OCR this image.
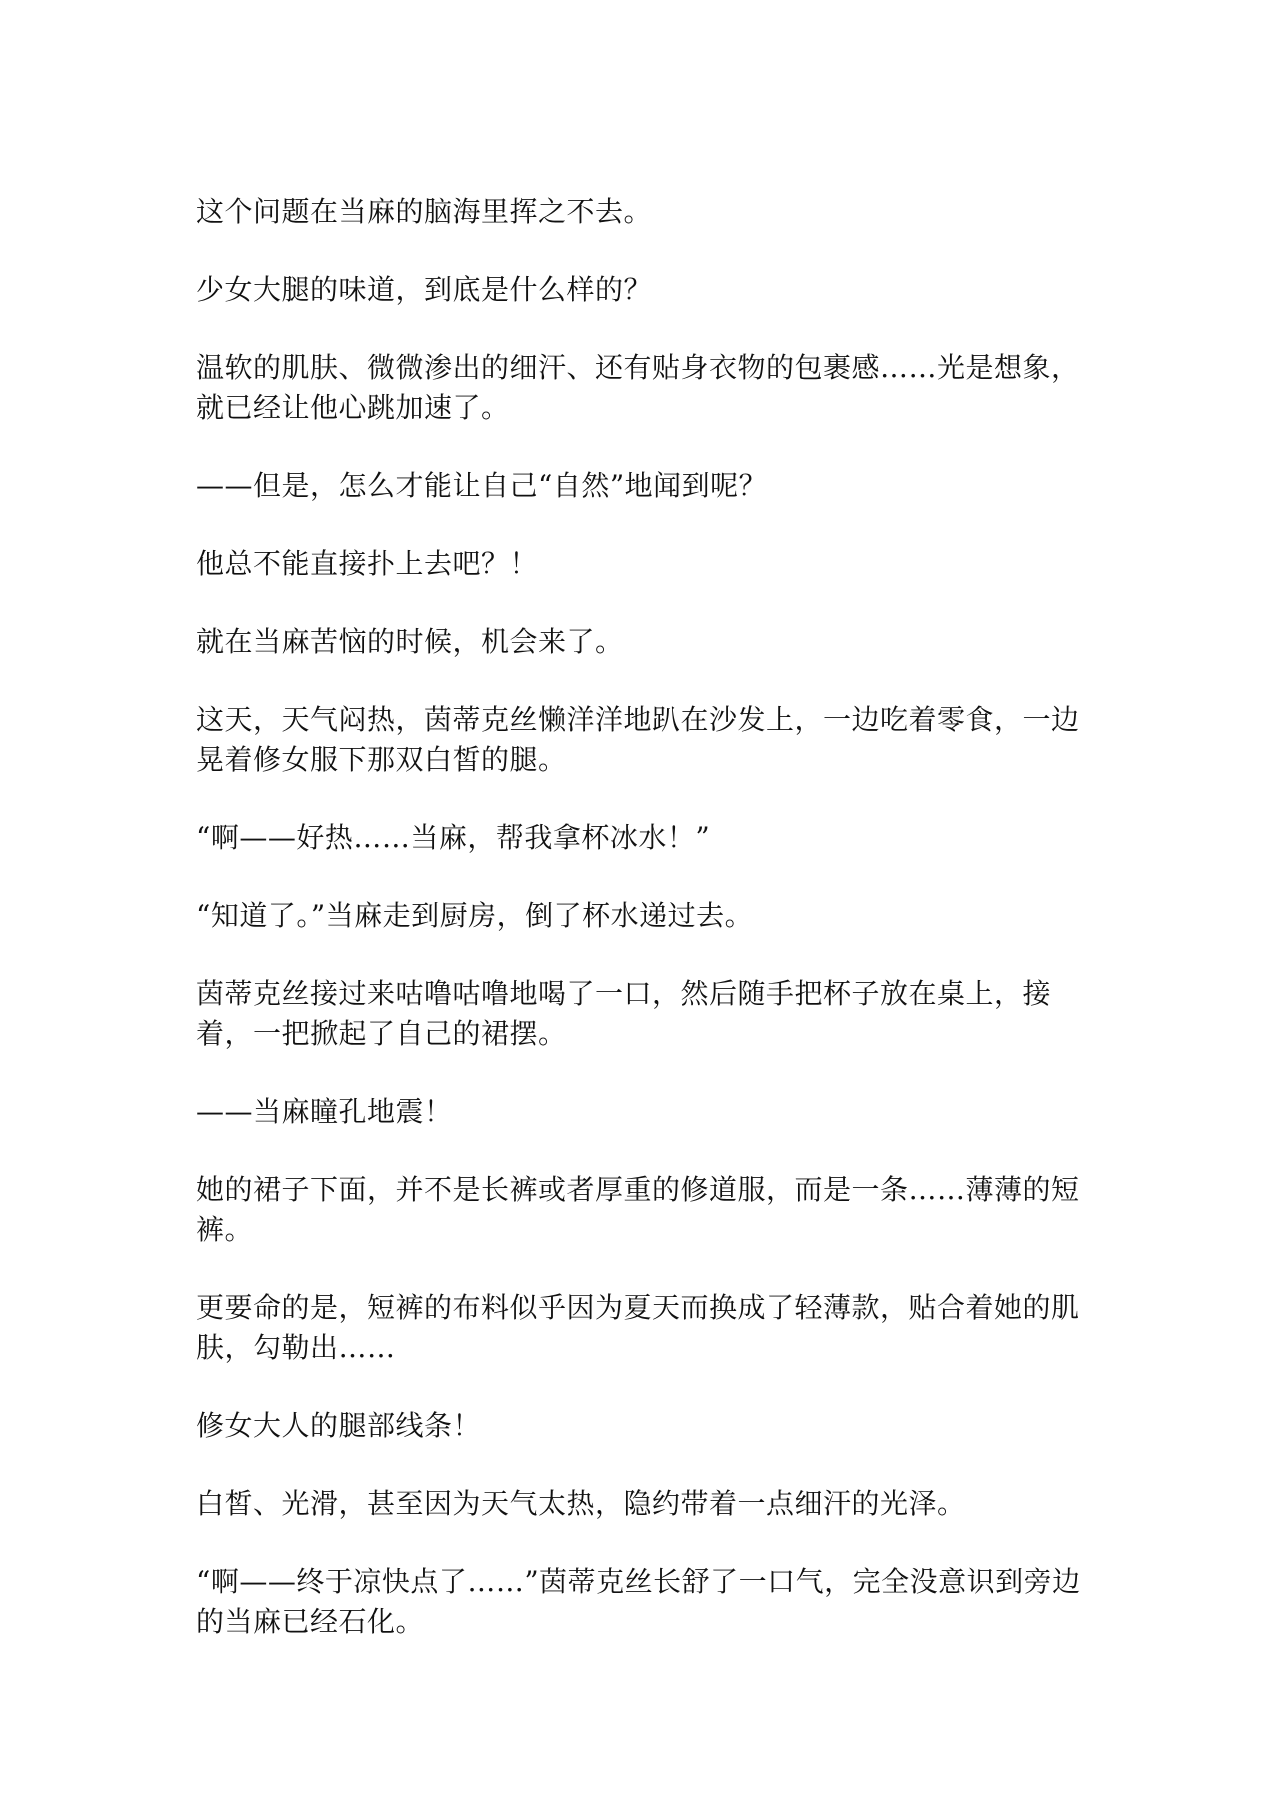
这个问题在当麻的脑海里挥之不去。

少女大腿的味道，到底是什么样的？

温软的肌肤、微微渗出的细汗、还有贴身衣物的包裹感……光是想象，就已经让他心跳加速了。

——但是，怎么才能让自己“自然”地闻到呢？

他总不能直接扑上去吧？！

就在当麻苦恼的时候，机会来了。

这天，天气闷热，茵蒂克丝懒洋洋地趴在沙发上，一边吃着零食，一边晃着修女服下那双白皙的腿。

“啊——好热……当麻，帮我拿杯冰水！”

“知道了。”当麻走到厨房，倒了杯水递过去。

茵蒂克丝接过来咕噜咕噜地喝了一口，然后随手把杯子放在桌上，接着，一把掀起了自己的裙摆。

——当麻瞳孔地震！

她的裙子下面，并不是长裤或者厚重的修道服，而是一条……薄薄的短裤。

更要命的是，短裤的布料似乎因为夏天而换成了轻薄款，贴合着她的肌肤，勾勒出……

修女大人的腿部线条！

白皙、光滑，甚至因为天气太热，隐约带着一点细汗的光泽。

“啊——终于凉快点了……”茵蒂克丝长舒了一口气，完全没意识到旁边的当麻已经石化。
